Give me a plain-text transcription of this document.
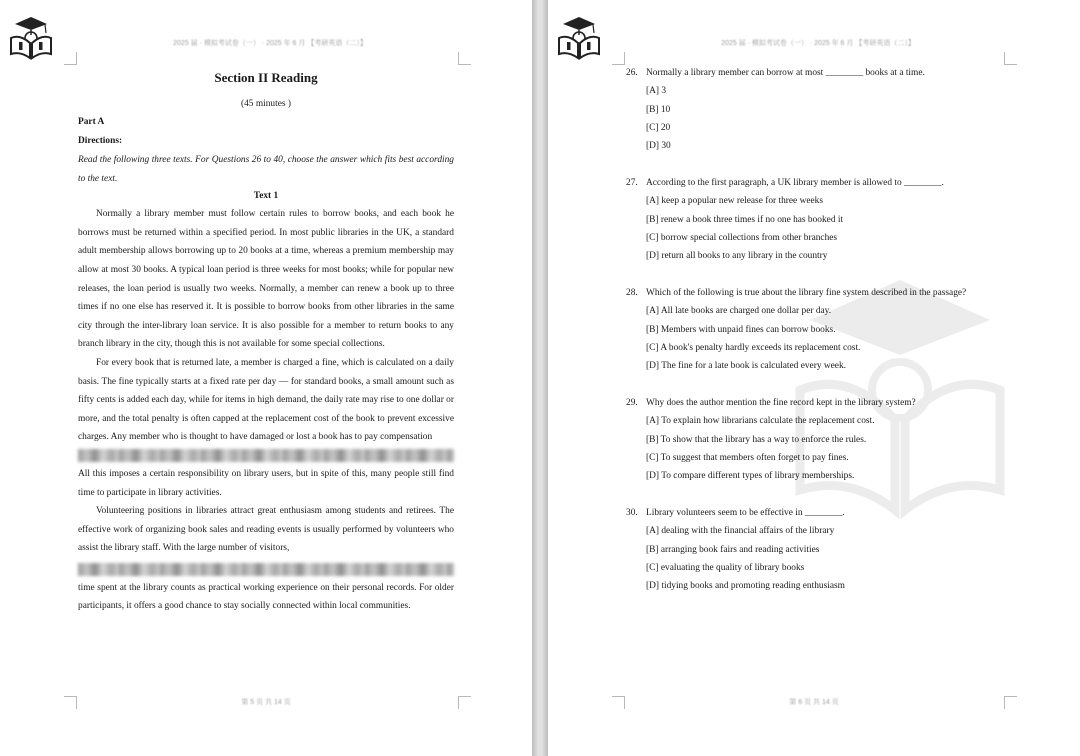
2025 届 · 模拟考试卷（一） · 2025 年 6 月 【考研英语（二）】
第 5 页 共 14 页
Section II Reading
(45 minutes )
Part A
Directions:
Read the following three texts. For Questions 26 to 40, choose the answer which fits best according to the text.
Text 1

Normally a library member must follow certain rules to borrow books, and each book he borrows must be returned within a specified period. In most public libraries in the UK, a standard adult membership allows borrowing up to 20 books at a time, whereas a premium membership may allow at most 30 books. A typical loan period is three weeks for most books; while for popular new releases, the loan period is usually two weeks. Normally, a member can renew a book up to three times if no one else has reserved it. It is possible to borrow books from other libraries in the same city through the inter-library loan service. It is also possible for a member to return books to any branch library in the city, though this is not available for some special collections.

For every book that is returned late, a member is charged a fine, which is calculated on a daily basis. The fine typically starts at a fixed rate per day — for standard books, a small amount such as fifty cents is added each day, while for items in high demand, the daily rate may rise to one dollar or more, and the total penalty is often capped at the replacement cost of the book to prevent excessive charges. Any member who is thought to have damaged or lost a book has to pay compensation

All this imposes a certain responsibility on library users, but in spite of this, many people still find time to participate in library activities.

Volunteering positions in libraries attract great enthusiasm among students and retirees. The effective work of organizing book sales and reading events is usually performed by volunteers who assist the library staff. With the large number of visitors,

time spent at the library counts as practical working experience on their personal records. For older participants, it offers a good chance to stay socially connected within local communities.

2025 届 · 模拟考试卷（一） · 2025 年 6 月 【考研英语（二）】
第 6 页 共 14 页
26. Normally a library member can borrow at most ________ books at a time.
[A] 3
[B] 10
[C] 20
[D] 30
27. According to the first paragraph, a UK library member is allowed to ________.
[A] keep a popular new release for three weeks
[B] renew a book three times if no one has booked it
[C] borrow special collections from other branches
[D] return all books to any library in the country
28. Which of the following is true about the library fine system described in the passage?
[A] All late books are charged one dollar per day.
[B] Members with unpaid fines can borrow books.
[C] A book's penalty hardly exceeds its replacement cost.
[D] The fine for a late book is calculated every week.
29. Why does the author mention the fine record kept in the library system?
[A] To explain how librarians calculate the replacement cost.
[B] To show that the library has a way to enforce the rules.
[C] To suggest that members often forget to pay fines.
[D] To compare different types of library memberships.
30. Library volunteers seem to be effective in ________.
[A] dealing with the financial affairs of the library
[B] arranging book fairs and reading activities
[C] evaluating the quality of library books
[D] tidying books and promoting reading enthusiasm
